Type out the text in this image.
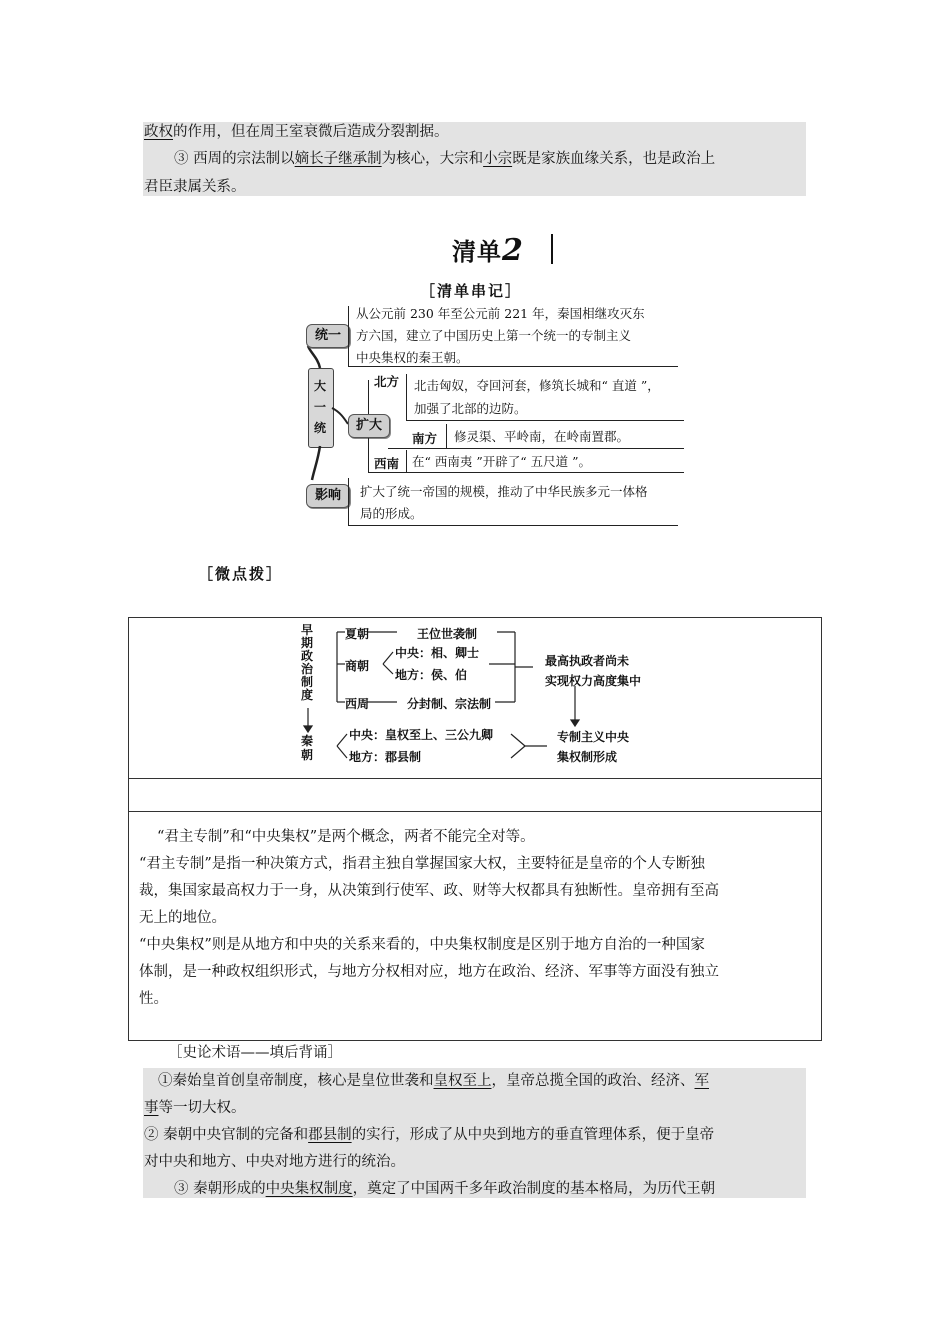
政权的作用，但在周王室衰微后造成分裂割据。
③ 西周的宗法制以嫡长子继承制为核心，大宗和小宗既是家族血缘关系，也是政治上
君臣隶属关系。
清单2
［清单串记］
大
一
统
统一
从公元前 230 年至公元前 221 年，秦国相继攻灭东
方六国，建立了中国历史上第一个统一的专制主义
中央集权的秦王朝。
扩大
北方 北击匈奴，夺回河套，修筑长城和“ 直道 ”，
加强了北部的边防。
南方 修灵渠、平岭南，在岭南置郡。
西南 在“ 西南夷 ”开辟了“ 五尺道 ”。
影响	扩大了统一帝国的规模，推动了中华民族多元一体格
局的形成。
［微点拨］
早期政治制度
秦朝
夏朝	王位世袭制
商朝
中央：相、卿士
地方：侯、伯
西周	分封制、宗法制
最高执政者尚未
实现权力高度集中
中央：皇权至上、三公九卿
地方：郡县制
专制主义中央
集权制形成
“君主专制”和“中央集权”是两个概念，两者不能完全对等。
“君主专制”是指一种决策方式，指君主独自掌握国家大权，主要特征是皇帝的个人专断独
裁，集国家最高权力于一身，从决策到行使军、政、财等大权都具有独断性。皇帝拥有至高
无上的地位。
“中央集权”则是从地方和中央的关系来看的，中央集权制度是区别于地方自治的一种国家
体制，是一种政权组织形式，与地方分权相对应，地方在政治、经济、军事等方面没有独立
性。
［史论术语——填后背诵］
①秦始皇首创皇帝制度，核心是皇位世袭和皇权至上，皇帝总揽全国的政治、经济、军
事等一切大权。
② 秦朝中央官制的完备和郡县制的实行，形成了从中央到地方的垂直管理体系，便于皇帝
对中央和地方、中央对地方进行的统治。
③ 秦朝形成的中央集权制度，奠定了中国两千多年政治制度的基本格局，为历代王朝
